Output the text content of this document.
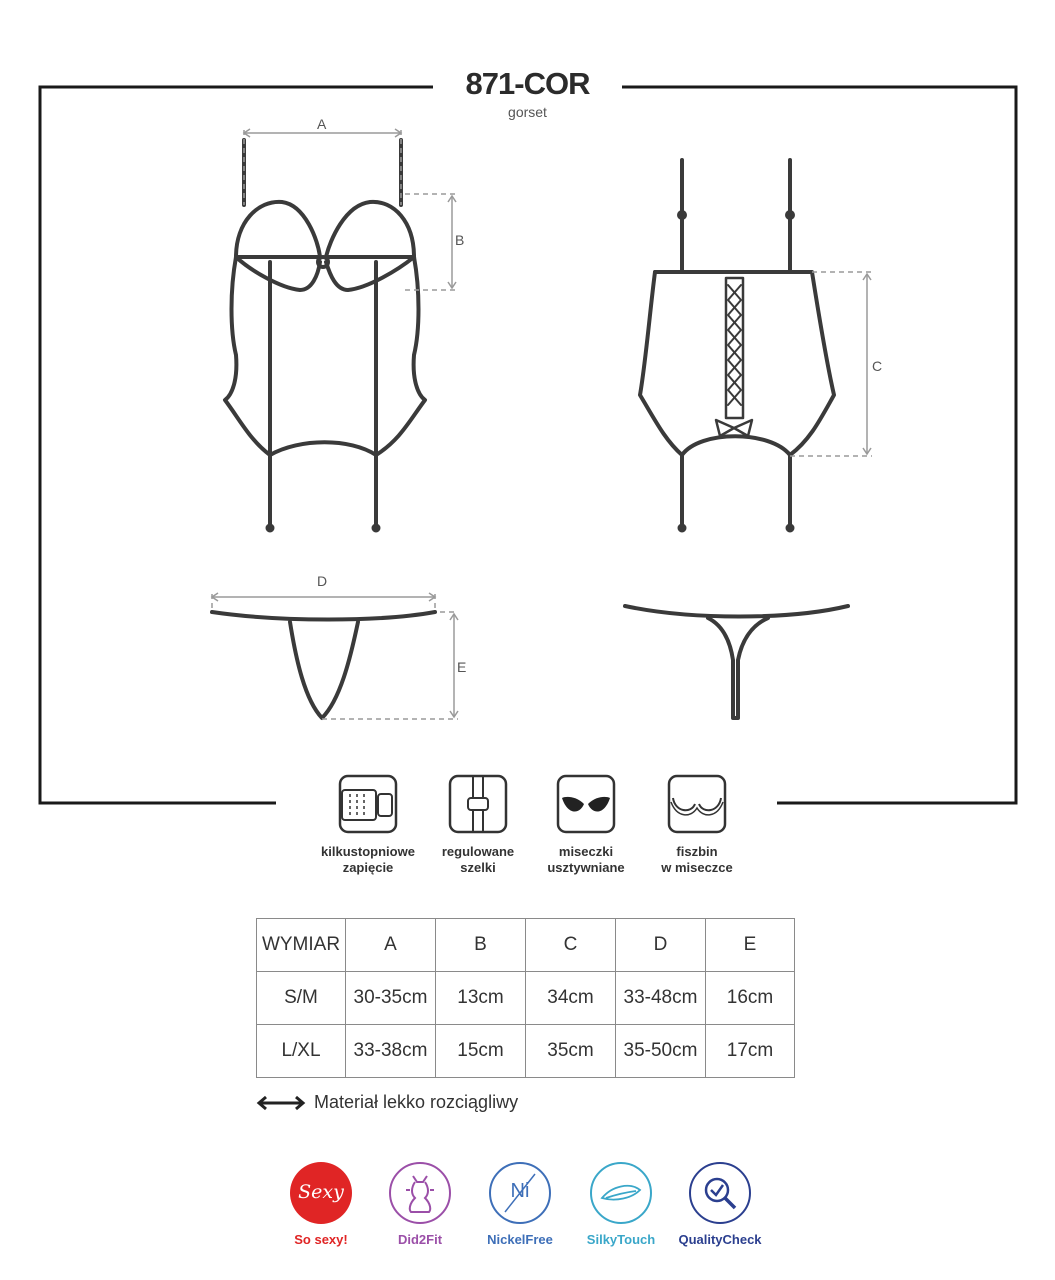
871-COR
gorset
A
B
C
D
E
kilkustopniowe
zapięcie
regulowane
szelki
miseczki
usztywniane
fiszbin
w miseczce
WYMIAR	A	B	C	D	E
S/M	30-35cm	13cm	34cm	33-48cm	16cm
L/XL	33-38cm	15cm	35cm	35-50cm	17cm
Materiał lekko rozciągliwy
Sexy
So sexy!	Did2Fit
Ni
NickelFree	SilkyTouch	QualityCheck
